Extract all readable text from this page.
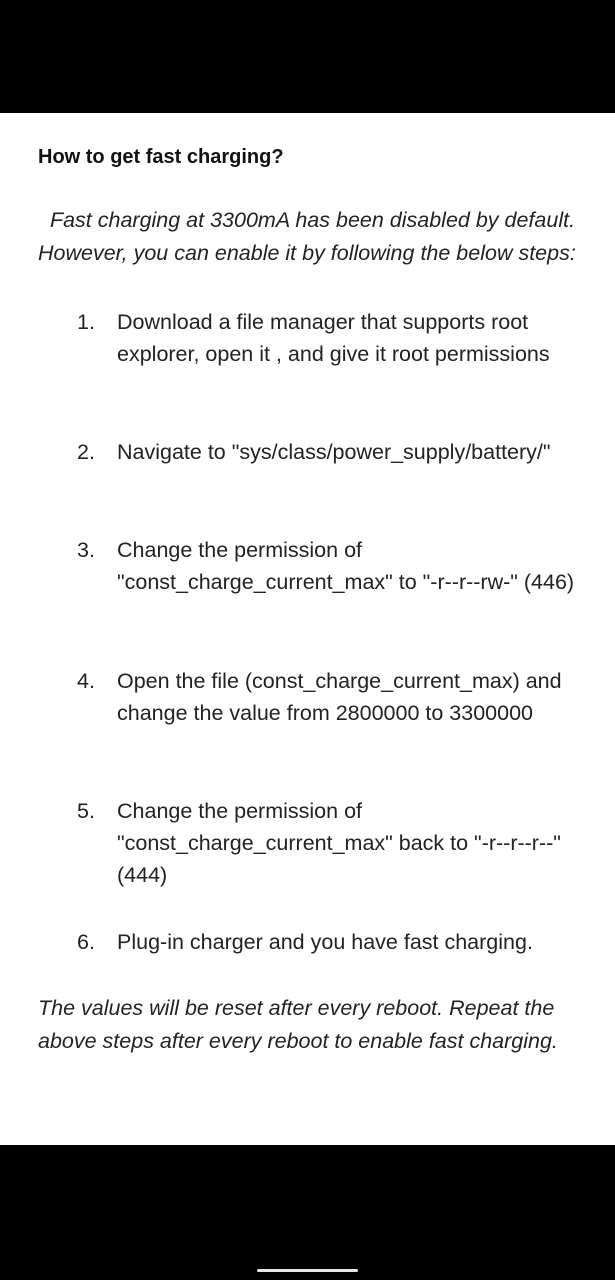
How to get fast charging?

Fast charging at 3300mA has been disabled by default. However, you can enable it by following the below steps:

1. Download a file manager that supports root explorer, open it , and give it root permissions
2. Navigate to "sys/class/power_supply/battery/"
3. Change the permission of "const_charge_current_max" to "-r--r--rw-" (446)
4. Open the file (const_charge_current_max) and change the value from 2800000 to 3300000
5. Change the permission of "const_charge_current_max" back to "-r--r--r--" (444)
6. Plug-in charger and you have fast charging.

The values will be reset after every reboot. Repeat the above steps after every reboot to enable fast charging.
